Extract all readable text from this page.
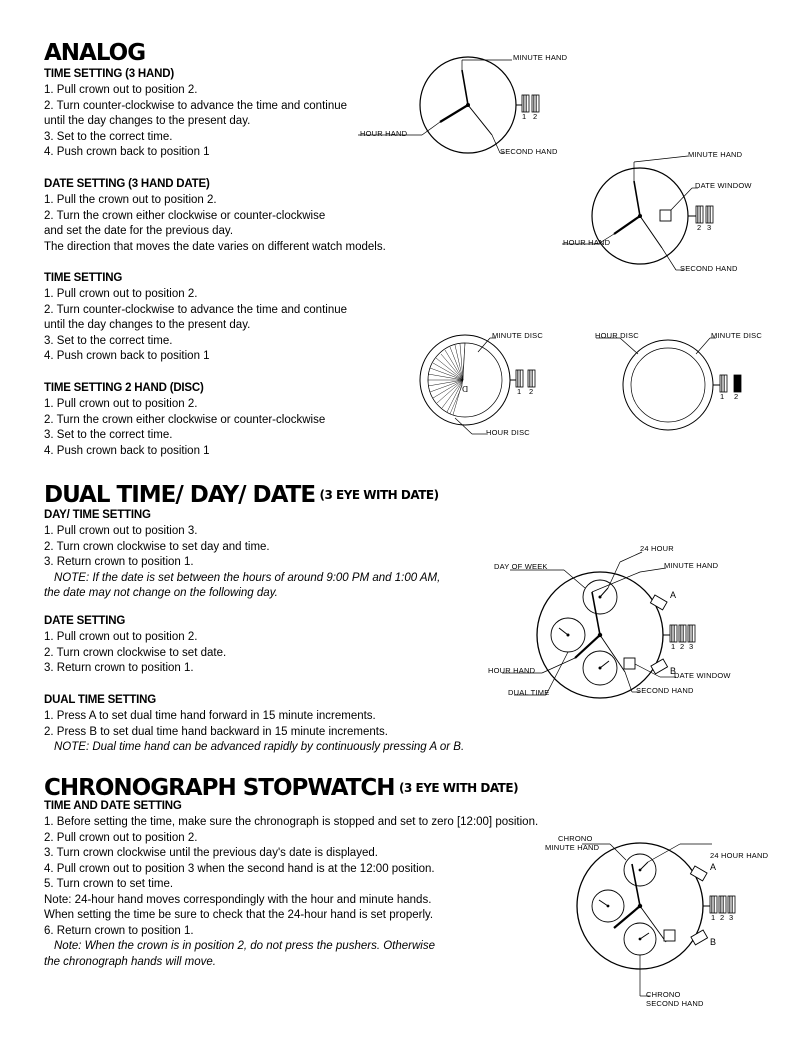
ANALOG
TIME SETTING (3 HAND)
1. Pull crown out to position 2.
2. Turn counter-clockwise to advance the time and continue
until the day changes to the present day.
3. Set to the correct time.
4. Push crown back to position 1
DATE SETTING (3 HAND DATE)
1. Pull the crown out to position 2.
2. Turn the crown either clockwise or counter-clockwise
and set the date for the previous day.
The direction that moves the date varies on different watch models.
TIME SETTING
1. Pull crown out to position 2.
2. Turn counter-clockwise to advance the time and continue
until the day changes to the present day.
3. Set to the correct time.
4. Push crown back to position 1
TIME SETTING 2 HAND (DISC)
1. Pull crown out to position 2.
2. Turn the crown either clockwise or counter-clockwise
3. Set to the correct time.
4. Push crown back to position 1
MINUTE HAND
HOUR HAND
SECOND HAND
1 2
MINUTE HAND
DATE WINDOW
HOUR HAND
SECOND HAND
2 3
ᗡ
MINUTE DISC
HOUR DISC
1 2
HOUR DISC	MINUTE DISC
1 2
DUAL TIME/ DAY/ DATE (3 EYE WITH DATE)
DAY/ TIME SETTING
1. Pull crown out to position 3.
2. Turn crown clockwise to set day and time.
3. Return crown to position 1.
NOTE: If the date is set between the hours of around 9:00 PM and 1:00 AM,
the date may not change on the following day.
DATE SETTING
1. Pull crown out to position 2.
2. Turn crown clockwise to set date.
3. Return crown to position 1.
DUAL TIME SETTING
1. Press A to set dual time hand forward in 15 minute increments.
2. Press B to set dual time hand backward in 15 minute increments.
NOTE: Dual time hand can be advanced rapidly by continuously pressing A or B.
24 HOUR
DAY OF WEEK	MINUTE HAND
HOUR HAND
DUAL TIME	SECOND HAND
DATE WINDOW
A
B
1 2 3
CHRONOGRAPH STOPWATCH (3 EYE WITH DATE)
TIME AND DATE SETTING
1. Before setting the time, make sure the chronograph is stopped and set to zero [12:00] position.
2. Pull crown out to position 2.
3. Turn crown clockwise until the previous day's date is displayed.
4. Pull crown out to position 3 when the second hand is at the 12:00 position.
5. Turn crown to set time.
Note: 24-hour hand moves correspondingly with the hour and minute hands.
When setting the time be sure to check that the 24-hour hand is set properly.
6. Return crown to position 1.
Note: When the crown is in position 2, do not press the pushers. Otherwise
the chronograph hands will move.
CHRONO
MINUTE HAND
24 HOUR HAND
CHRONO
SECOND HAND
A
B
1 2 3
